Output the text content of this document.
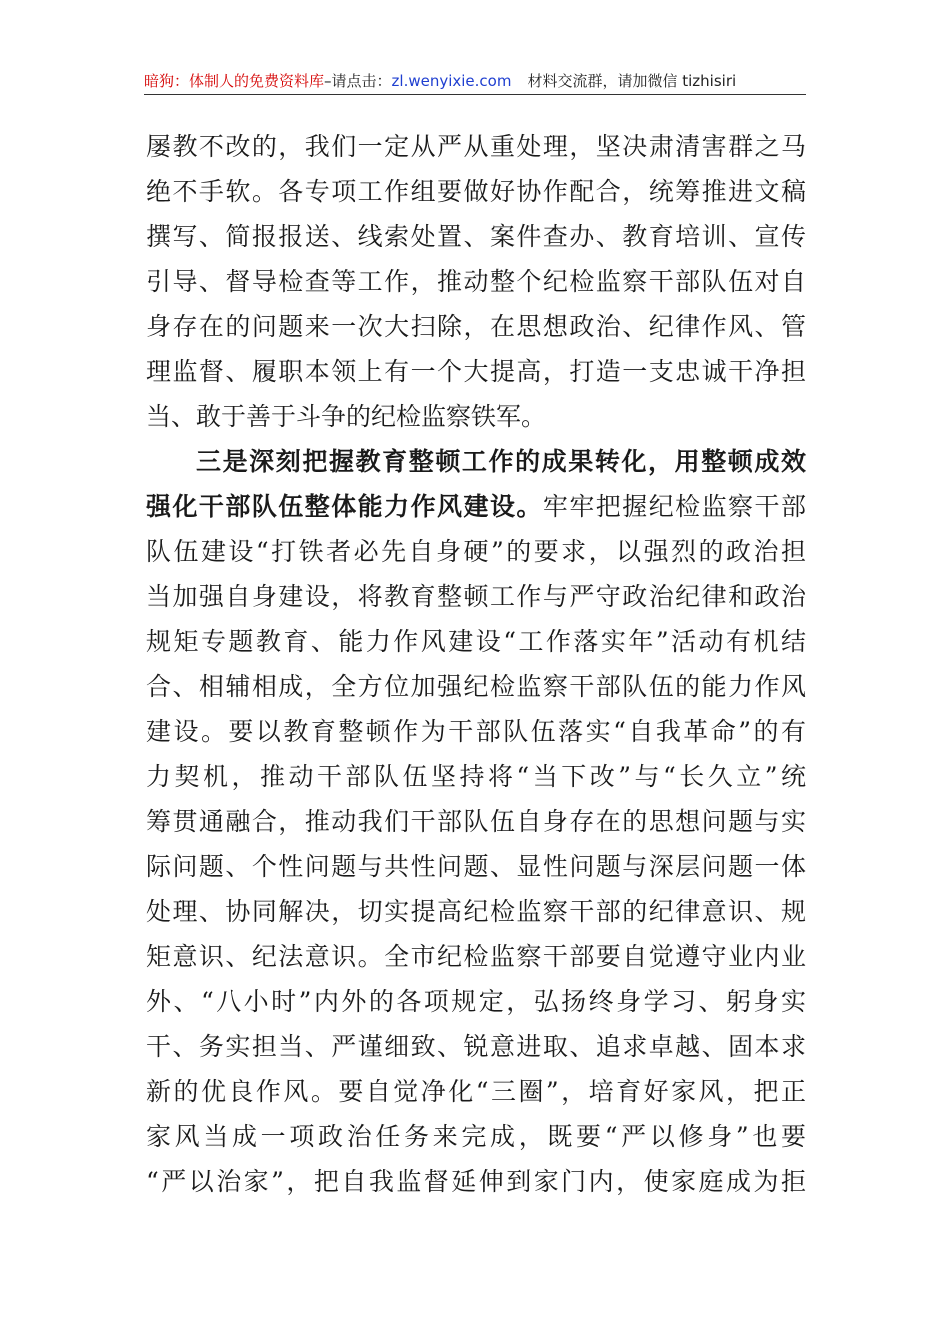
暗狗：体制人的免费资料库–请点击：zl.wenyixie.com 材料交流群，请加微信 tizhisiri
屡教不改的，我们一定从严从重处理，坚决肃清害群之马
绝不手软。各专项工作组要做好协作配合，统筹推进文稿
撰写、简报报送、线索处置、案件查办、教育培训、宣传
引导、督导检查等工作，推动整个纪检监察干部队伍对自
身存在的问题来一次大扫除，在思想政治、纪律作风、管
理监督、履职本领上有一个大提高，打造一支忠诚干净担
当、敢于善于斗争的纪检监察铁军。
三是深刻把握教育整顿工作的成果转化，用整顿成效
强化干部队伍整体能力作风建设。牢牢把握纪检监察干部
队伍建设“打铁者必先自身硬”的要求，以强烈的政治担
当加强自身建设，将教育整顿工作与严守政治纪律和政治
规矩专题教育、能力作风建设“工作落实年”活动有机结
合、相辅相成，全方位加强纪检监察干部队伍的能力作风
建设。要以教育整顿作为干部队伍落实“自我革命”的有
力契机，推动干部队伍坚持将“当下改”与“长久立”统
筹贯通融合，推动我们干部队伍自身存在的思想问题与实
际问题、个性问题与共性问题、显性问题与深层问题一体
处理、协同解决，切实提高纪检监察干部的纪律意识、规
矩意识、纪法意识。全市纪检监察干部要自觉遵守业内业
外、“八小时”内外的各项规定，弘扬终身学习、躬身实
干、务实担当、严谨细致、锐意进取、追求卓越、固本求
新的优良作风。要自觉净化“三圈”，培育好家风，把正
家风当成一项政治任务来完成，既要“严以修身”也要
“严以治家”，把自我监督延伸到家门内，使家庭成为拒
